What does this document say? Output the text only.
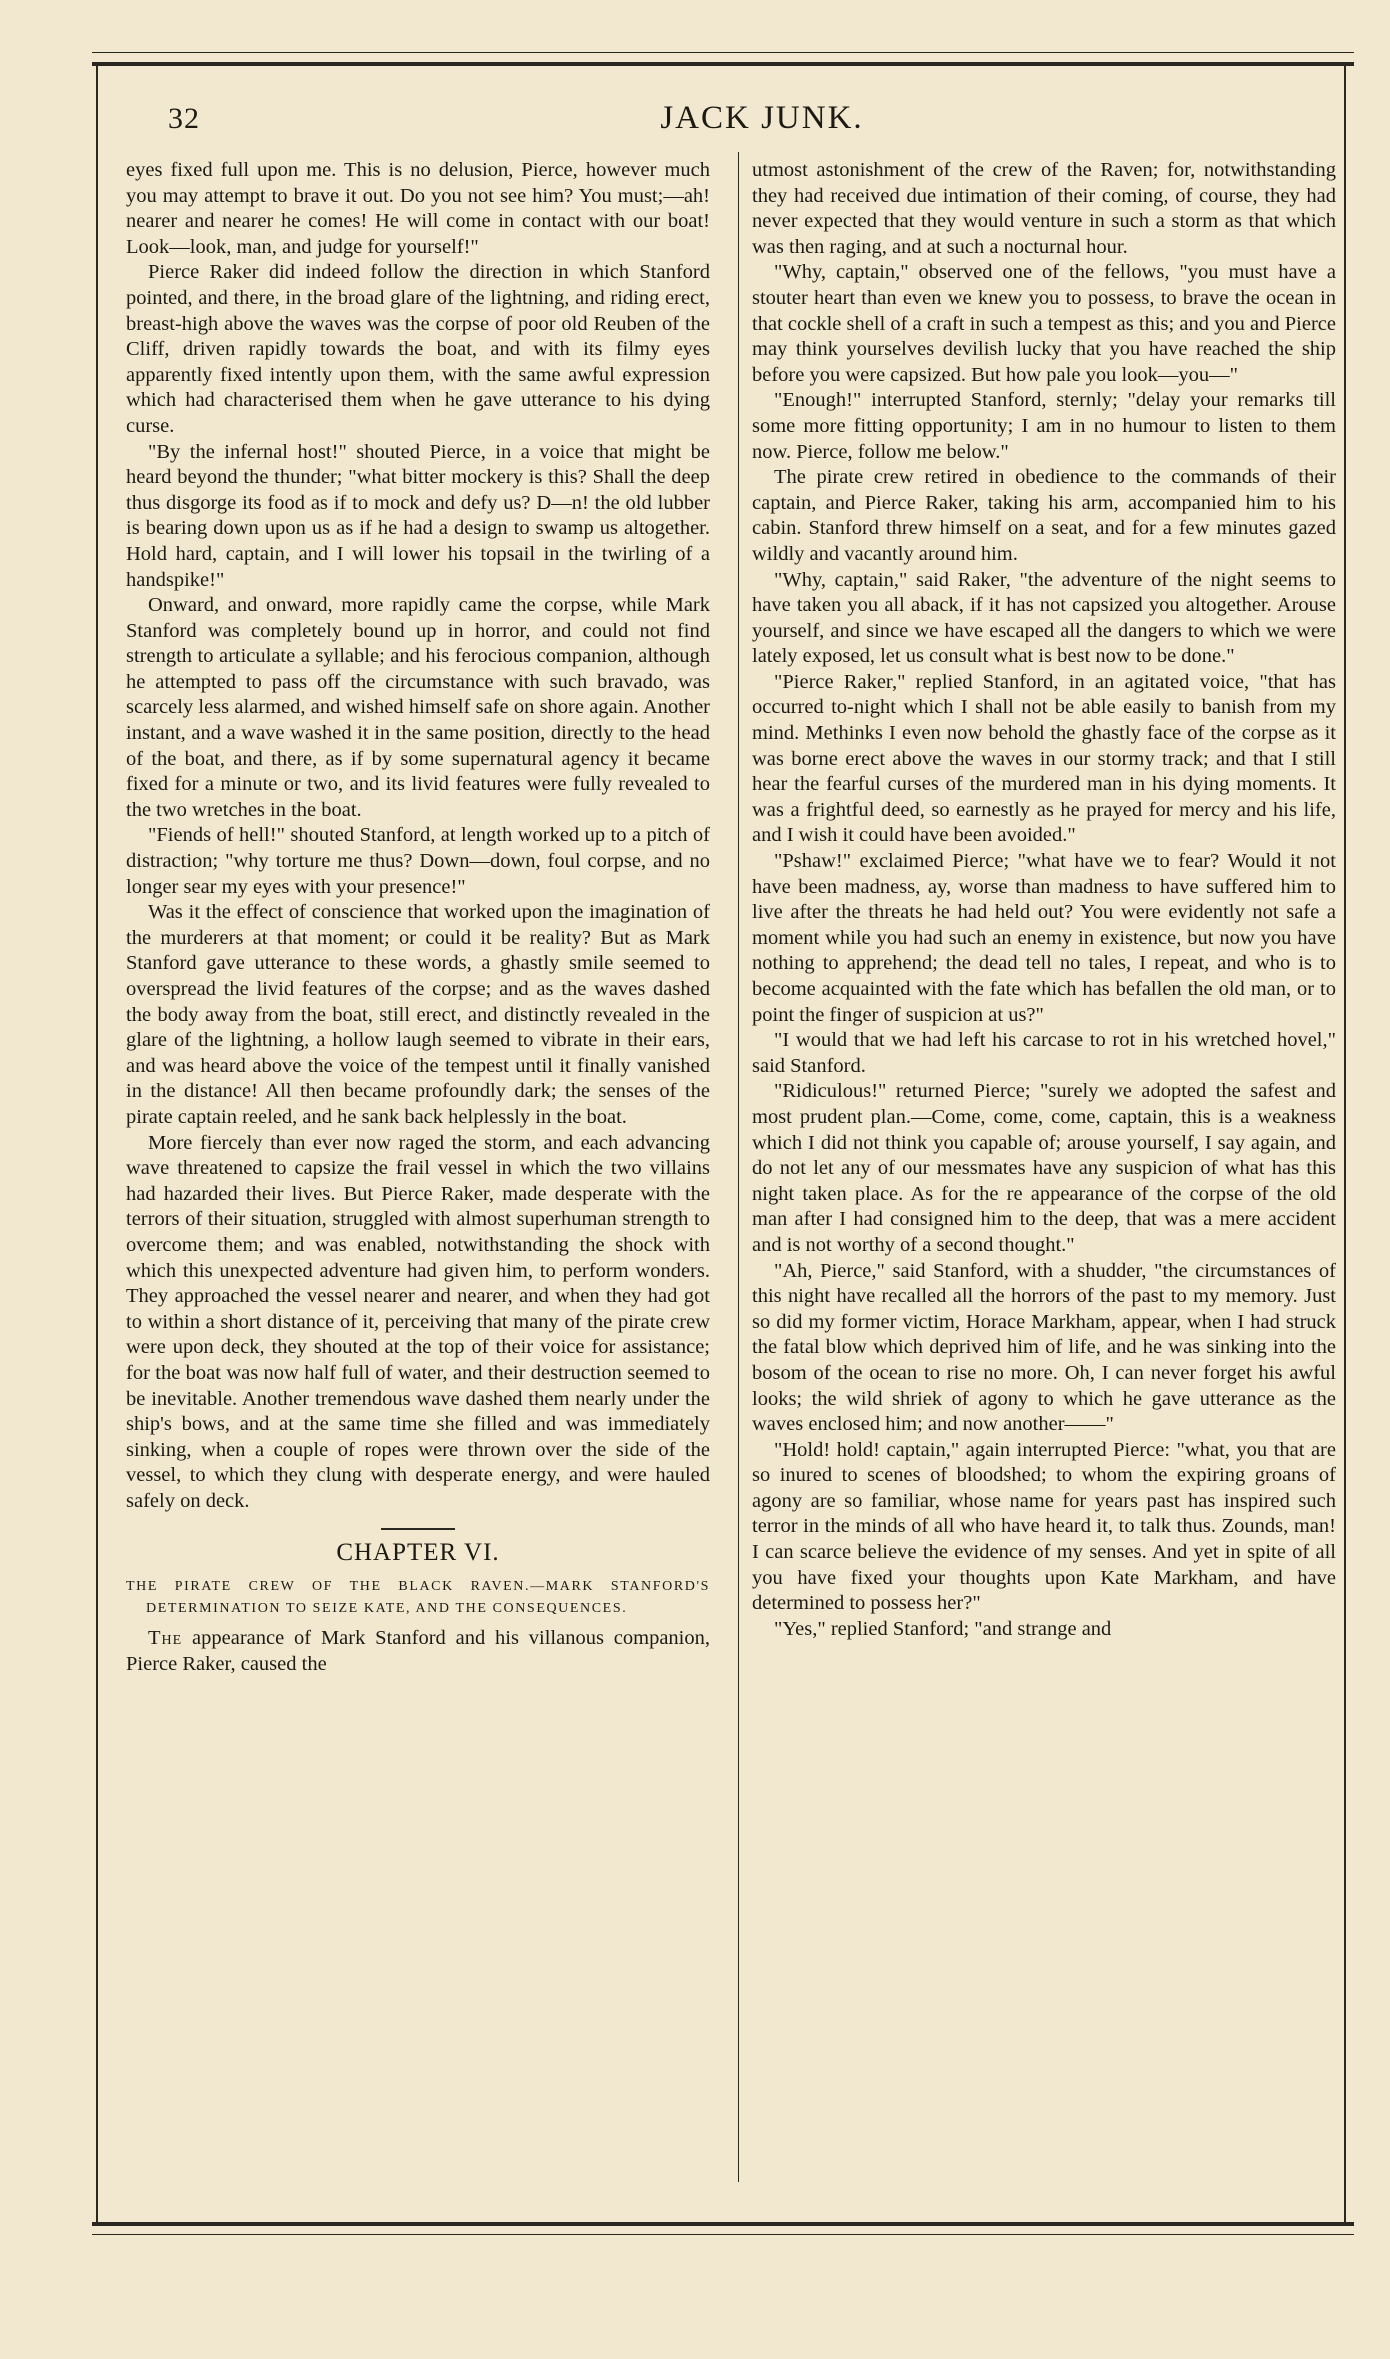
32	JACK JUNK.

eyes fixed full upon me. This is no delusion, Pierce, however much you may attempt to brave it out. Do you not see him? You must;—ah! nearer and nearer he comes! He will come in contact with our boat! Look—look, man, and judge for yourself!"

Pierce Raker did indeed follow the direction in which Stanford pointed, and there, in the broad glare of the lightning, and riding erect, breast-high above the waves was the corpse of poor old Reuben of the Cliff, driven rapidly towards the boat, and with its filmy eyes apparently fixed intently upon them, with the same awful expression which had characterised them when he gave utterance to his dying curse.

"By the infernal host!" shouted Pierce, in a voice that might be heard beyond the thunder; "what bitter mockery is this? Shall the deep thus disgorge its food as if to mock and defy us? D—n! the old lubber is bearing down upon us as if he had a design to swamp us altogether. Hold hard, captain, and I will lower his topsail in the twirling of a handspike!"

Onward, and onward, more rapidly came the corpse, while Mark Stanford was completely bound up in horror, and could not find strength to articulate a syllable; and his ferocious companion, although he attempted to pass off the circumstance with such bravado, was scarcely less alarmed, and wished himself safe on shore again. Another instant, and a wave washed it in the same position, directly to the head of the boat, and there, as if by some supernatural agency it became fixed for a minute or two, and its livid features were fully revealed to the two wretches in the boat.

"Fiends of hell!" shouted Stanford, at length worked up to a pitch of distraction; "why torture me thus? Down—down, foul corpse, and no longer sear my eyes with your presence!"

Was it the effect of conscience that worked upon the imagination of the murderers at that moment; or could it be reality? But as Mark Stanford gave utterance to these words, a ghastly smile seemed to overspread the livid features of the corpse; and as the waves dashed the body away from the boat, still erect, and distinctly revealed in the glare of the lightning, a hollow laugh seemed to vibrate in their ears, and was heard above the voice of the tempest until it finally vanished in the distance! All then became profoundly dark; the senses of the pirate captain reeled, and he sank back helplessly in the boat.

More fiercely than ever now raged the storm, and each advancing wave threatened to capsize the frail vessel in which the two villains had hazarded their lives. But Pierce Raker, made desperate with the terrors of their situation, struggled with almost superhuman strength to overcome them; and was enabled, notwithstanding the shock with which this unexpected adventure had given him, to perform wonders. They approached the vessel nearer and nearer, and when they had got to within a short distance of it, perceiving that many of the pirate crew were upon deck, they shouted at the top of their voice for assistance; for the boat was now half full of water, and their destruction seemed to be inevitable. Another tremendous wave dashed them nearly under the ship's bows, and at the same time she filled and was immediately sinking, when a couple of ropes were thrown over the side of the vessel, to which they clung with desperate energy, and were hauled safely on deck.

CHAPTER VI.
THE PIRATE CREW OF THE BLACK RAVEN.—MARK STANFORD'S DETERMINATION TO SEIZE KATE, AND THE CONSEQUENCES.

The appearance of Mark Stanford and his villanous companion, Pierce Raker, caused the

utmost astonishment of the crew of the Raven; for, notwithstanding they had received due intimation of their coming, of course, they had never expected that they would venture in such a storm as that which was then raging, and at such a nocturnal hour.

"Why, captain," observed one of the fellows, "you must have a stouter heart than even we knew you to possess, to brave the ocean in that cockle shell of a craft in such a tempest as this; and you and Pierce may think yourselves devilish lucky that you have reached the ship before you were capsized. But how pale you look—you—"

"Enough!" interrupted Stanford, sternly; "delay your remarks till some more fitting opportunity; I am in no humour to listen to them now. Pierce, follow me below."

The pirate crew retired in obedience to the commands of their captain, and Pierce Raker, taking his arm, accompanied him to his cabin. Stanford threw himself on a seat, and for a few minutes gazed wildly and vacantly around him.

"Why, captain," said Raker, "the adventure of the night seems to have taken you all aback, if it has not capsized you altogether. Arouse yourself, and since we have escaped all the dangers to which we were lately exposed, let us consult what is best now to be done."

"Pierce Raker," replied Stanford, in an agitated voice, "that has occurred to-night which I shall not be able easily to banish from my mind. Methinks I even now behold the ghastly face of the corpse as it was borne erect above the waves in our stormy track; and that I still hear the fearful curses of the murdered man in his dying moments. It was a frightful deed, so earnestly as he prayed for mercy and his life, and I wish it could have been avoided."

"Pshaw!" exclaimed Pierce; "what have we to fear? Would it not have been madness, ay, worse than madness to have suffered him to live after the threats he had held out? You were evidently not safe a moment while you had such an enemy in existence, but now you have nothing to apprehend; the dead tell no tales, I repeat, and who is to become acquainted with the fate which has befallen the old man, or to point the finger of suspicion at us?"

"I would that we had left his carcase to rot in his wretched hovel," said Stanford.

"Ridiculous!" returned Pierce; "surely we adopted the safest and most prudent plan.—Come, come, come, captain, this is a weakness which I did not think you capable of; arouse yourself, I say again, and do not let any of our messmates have any suspicion of what has this night taken place. As for the re appearance of the corpse of the old man after I had consigned him to the deep, that was a mere accident and is not worthy of a second thought."

"Ah, Pierce," said Stanford, with a shudder, "the circumstances of this night have recalled all the horrors of the past to my memory. Just so did my former victim, Horace Markham, appear, when I had struck the fatal blow which deprived him of life, and he was sinking into the bosom of the ocean to rise no more. Oh, I can never forget his awful looks; the wild shriek of agony to which he gave utterance as the waves enclosed him; and now another——"

"Hold! hold! captain," again interrupted Pierce: "what, you that are so inured to scenes of bloodshed; to whom the expiring groans of agony are so familiar, whose name for years past has inspired such terror in the minds of all who have heard it, to talk thus. Zounds, man! I can scarce believe the evidence of my senses. And yet in spite of all you have fixed your thoughts upon Kate Markham, and have determined to possess her?"

"Yes," replied Stanford; "and strange and
